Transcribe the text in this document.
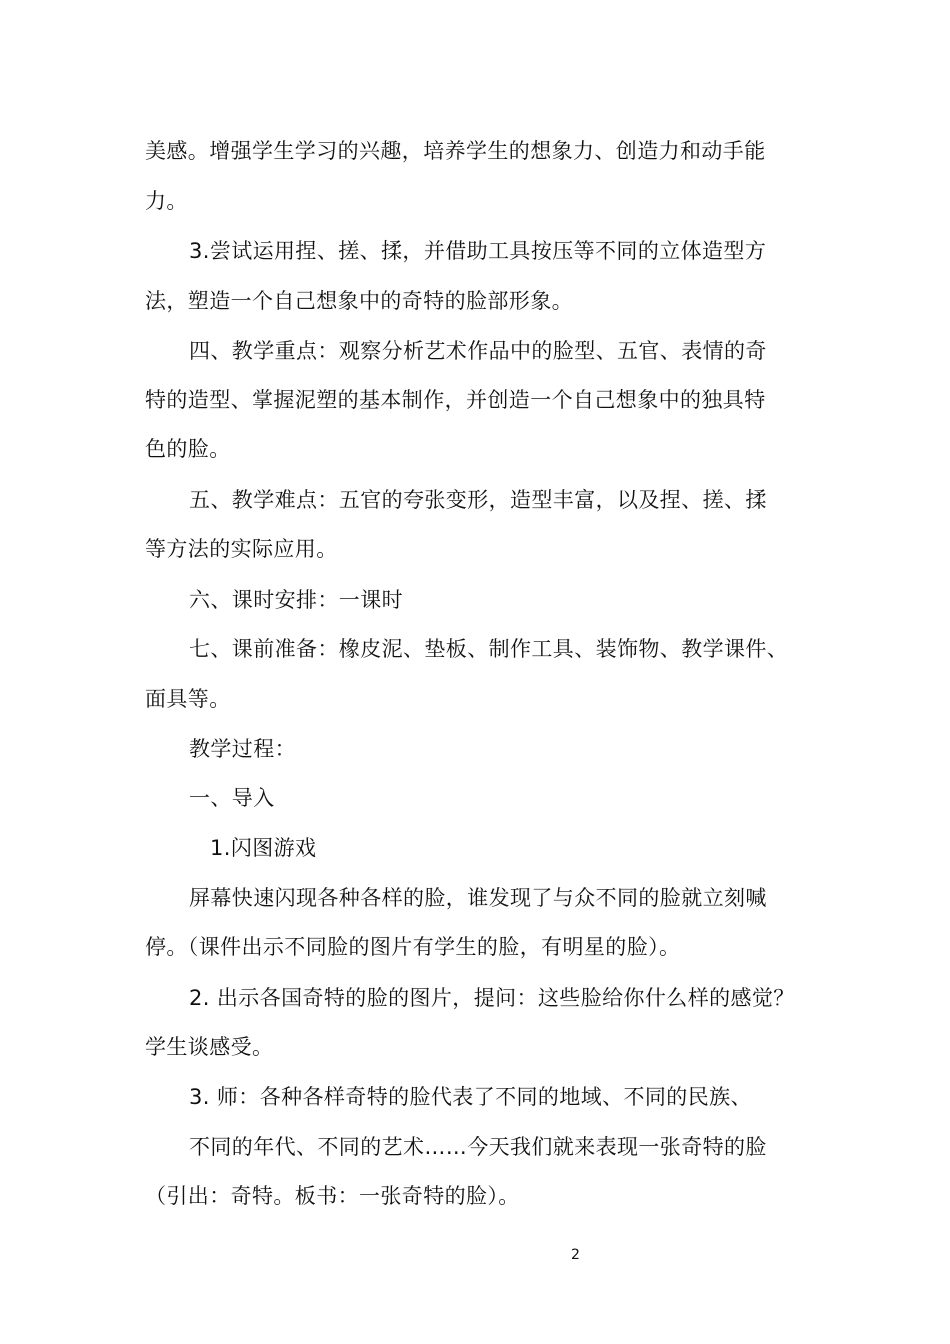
美感。增强学生学习的兴趣，培养学生的想象力、创造力和动手能
力。
3.尝试运用捏、搓、揉，并借助工具按压等不同的立体造型方
法，塑造一个自己想象中的奇特的脸部形象。
四、教学重点：观察分析艺术作品中的脸型、五官、表情的奇
特的造型、掌握泥塑的基本制作，并创造一个自己想象中的独具特
色的脸。
五、教学难点：五官的夸张变形，造型丰富，以及捏、搓、揉
等方法的实际应用。
六、课时安排：一课时
七、课前准备：橡皮泥、垫板、制作工具、装饰物、教学课件、
面具等。
教学过程：
一、导入
1.闪图游戏
屏幕快速闪现各种各样的脸，谁发现了与众不同的脸就立刻喊
停。（课件出示不同脸的图片有学生的脸，有明星的脸）。
2. 出示各国奇特的脸的图片，提问：这些脸给你什么样的感觉？
学生谈感受。
3. 师：各种各样奇特的脸代表了不同的地域、不同的民族、
不同的年代、不同的艺术……今天我们就来表现一张奇特的脸
（引出：奇特。板书：一张奇特的脸）。
2
